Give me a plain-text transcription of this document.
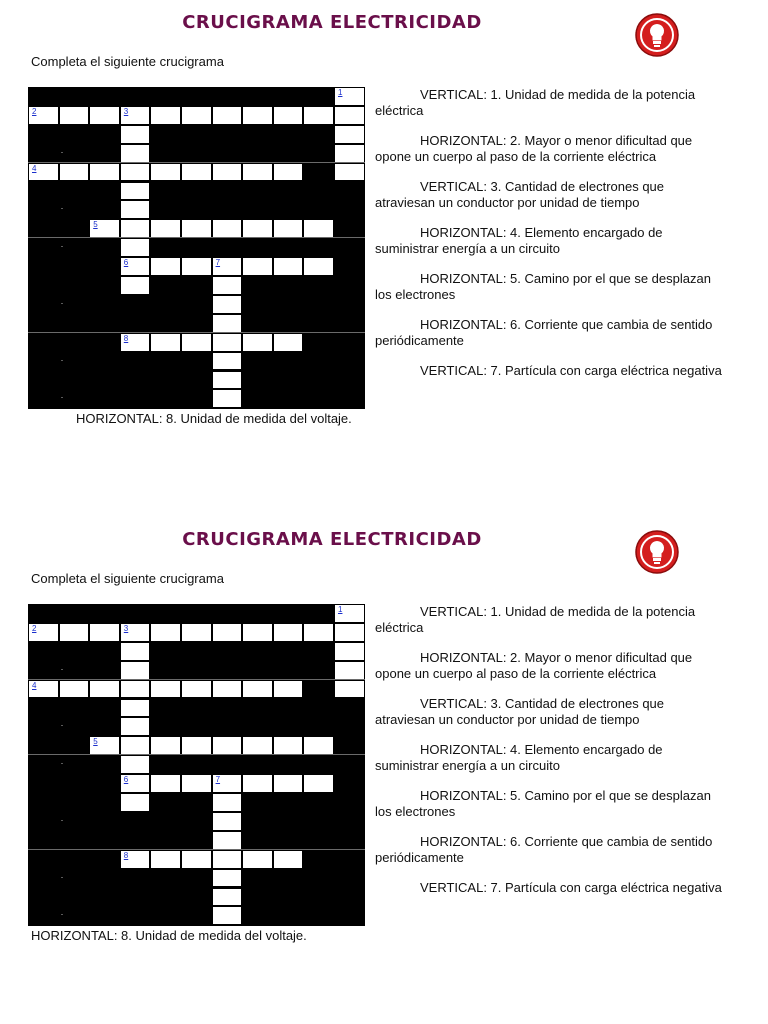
CRUCIGRAMA ELECTRICIDAD

Completa el siguiente crucigrama

1
2	3
4
5
6	7
8

VERTICAL: 1. Unidad de medida de la potencia eléctrica

HORIZONTAL: 2. Mayor o menor dificultad que opone un cuerpo al paso de la corriente eléctrica

VERTICAL: 3. Cantidad de electrones que atraviesan un conductor por unidad de tiempo

HORIZONTAL: 4. Elemento encargado de suministrar energía a un circuito

HORIZONTAL: 5. Camino por el que se desplazan los electrones

HORIZONTAL: 6. Corriente que cambia de sentido periódicamente

VERTICAL: 7. Partícula con carga eléctrica negativa

HORIZONTAL: 8. Unidad de medida del voltaje.

CRUCIGRAMA ELECTRICIDAD

Completa el siguiente crucigrama

1
2	3
4
5
6	7
8

VERTICAL: 1. Unidad de medida de la potencia eléctrica

HORIZONTAL: 2. Mayor o menor dificultad que opone un cuerpo al paso de la corriente eléctrica

VERTICAL: 3. Cantidad de electrones que atraviesan un conductor por unidad de tiempo

HORIZONTAL: 4. Elemento encargado de suministrar energía a un circuito

HORIZONTAL: 5. Camino por el que se desplazan los electrones

HORIZONTAL: 6. Corriente que cambia de sentido periódicamente

VERTICAL: 7. Partícula con carga eléctrica negativa

HORIZONTAL: 8. Unidad de medida del voltaje.
